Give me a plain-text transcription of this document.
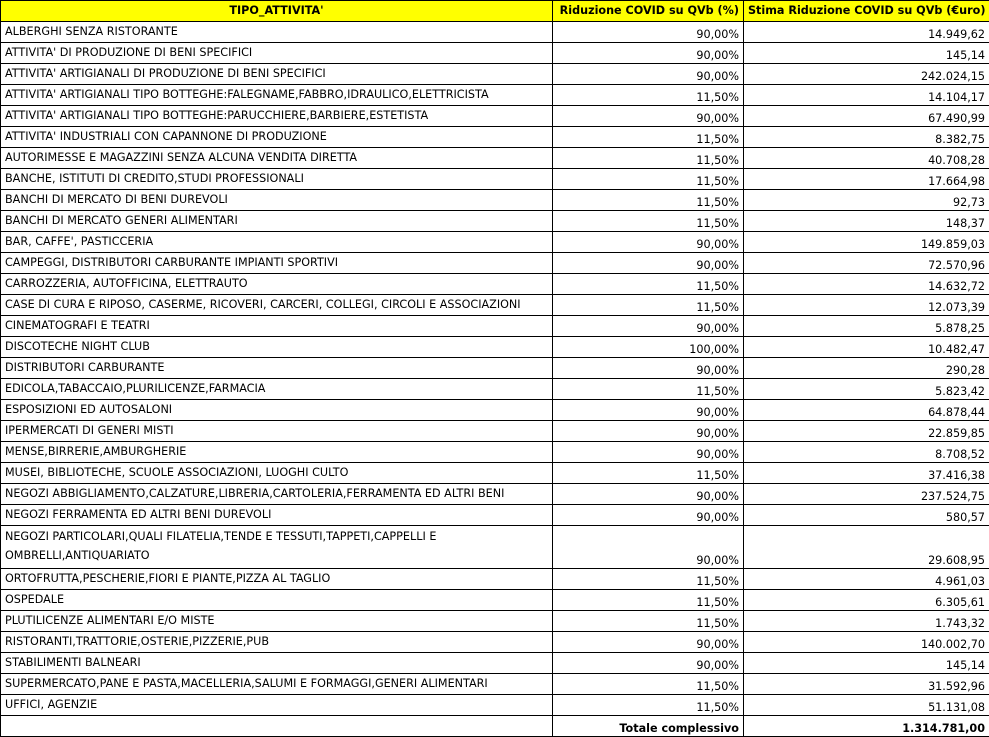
TIPO_ATTIVITA'	Riduzione COVID su QVb (%)	Stima Riduzione COVID su QVb (€uro)
ALBERGHI SENZA RISTORANTE	90,00%	14.949,62
ATTIVITA' DI PRODUZIONE DI BENI SPECIFICI	90,00%	145,14
ATTIVITA' ARTIGIANALI DI PRODUZIONE DI BENI SPECIFICI	90,00%	242.024,15
ATTIVITA' ARTIGIANALI TIPO BOTTEGHE:FALEGNAME,FABBRO,IDRAULICO,ELETTRICISTA	11,50%	14.104,17
ATTIVITA' ARTIGIANALI TIPO BOTTEGHE:PARUCCHIERE,BARBIERE,ESTETISTA	90,00%	67.490,99
ATTIVITA' INDUSTRIALI CON CAPANNONE DI PRODUZIONE	11,50%	8.382,75
AUTORIMESSE E MAGAZZINI SENZA ALCUNA VENDITA DIRETTA	11,50%	40.708,28
BANCHE, ISTITUTI DI CREDITO,STUDI PROFESSIONALI	11,50%	17.664,98
BANCHI DI MERCATO DI BENI DUREVOLI	11,50%	92,73
BANCHI DI MERCATO GENERI ALIMENTARI	11,50%	148,37
BAR, CAFFE', PASTICCERIA	90,00%	149.859,03
CAMPEGGI, DISTRIBUTORI CARBURANTE IMPIANTI SPORTIVI	90,00%	72.570,96
CARROZZERIA, AUTOFFICINA, ELETTRAUTO	11,50%	14.632,72
CASE DI CURA E RIPOSO, CASERME, RICOVERI, CARCERI, COLLEGI, CIRCOLI E ASSOCIAZIONI	11,50%	12.073,39
CINEMATOGRAFI E TEATRI	90,00%	5.878,25
DISCOTECHE NIGHT CLUB	100,00%	10.482,47
DISTRIBUTORI CARBURANTE	90,00%	290,28
EDICOLA,TABACCAIO,PLURILICENZE,FARMACIA	11,50%	5.823,42
ESPOSIZIONI ED AUTOSALONI	90,00%	64.878,44
IPERMERCATI DI GENERI MISTI	90,00%	22.859,85
MENSE,BIRRERIE,AMBURGHERIE	90,00%	8.708,52
MUSEI, BIBLIOTECHE, SCUOLE ASSOCIAZIONI, LUOGHI CULTO	11,50%	37.416,38
NEGOZI ABBIGLIAMENTO,CALZATURE,LIBRERIA,CARTOLERIA,FERRAMENTA ED ALTRI BENI	90,00%	237.524,75
NEGOZI FERRAMENTA ED ALTRI BENI DUREVOLI	90,00%	580,57
NEGOZI PARTICOLARI,QUALI FILATELIA,TENDE E TESSUTI,TAPPETI,CAPPELLI E OMBRELLI,ANTIQUARIATO	90,00%	29.608,95
ORTOFRUTTA,PESCHERIE,FIORI E PIANTE,PIZZA AL TAGLIO	11,50%	4.961,03
OSPEDALE	11,50%	6.305,61
PLUTILICENZE ALIMENTARI E/O MISTE	11,50%	1.743,32
RISTORANTI,TRATTORIE,OSTERIE,PIZZERIE,PUB	90,00%	140.002,70
STABILIMENTI BALNEARI	90,00%	145,14
SUPERMERCATO,PANE E PASTA,MACELLERIA,SALUMI E FORMAGGI,GENERI ALIMENTARI	11,50%	31.592,96
UFFICI, AGENZIE	11,50%	51.131,08
	Totale complessivo	1.314.781,00
